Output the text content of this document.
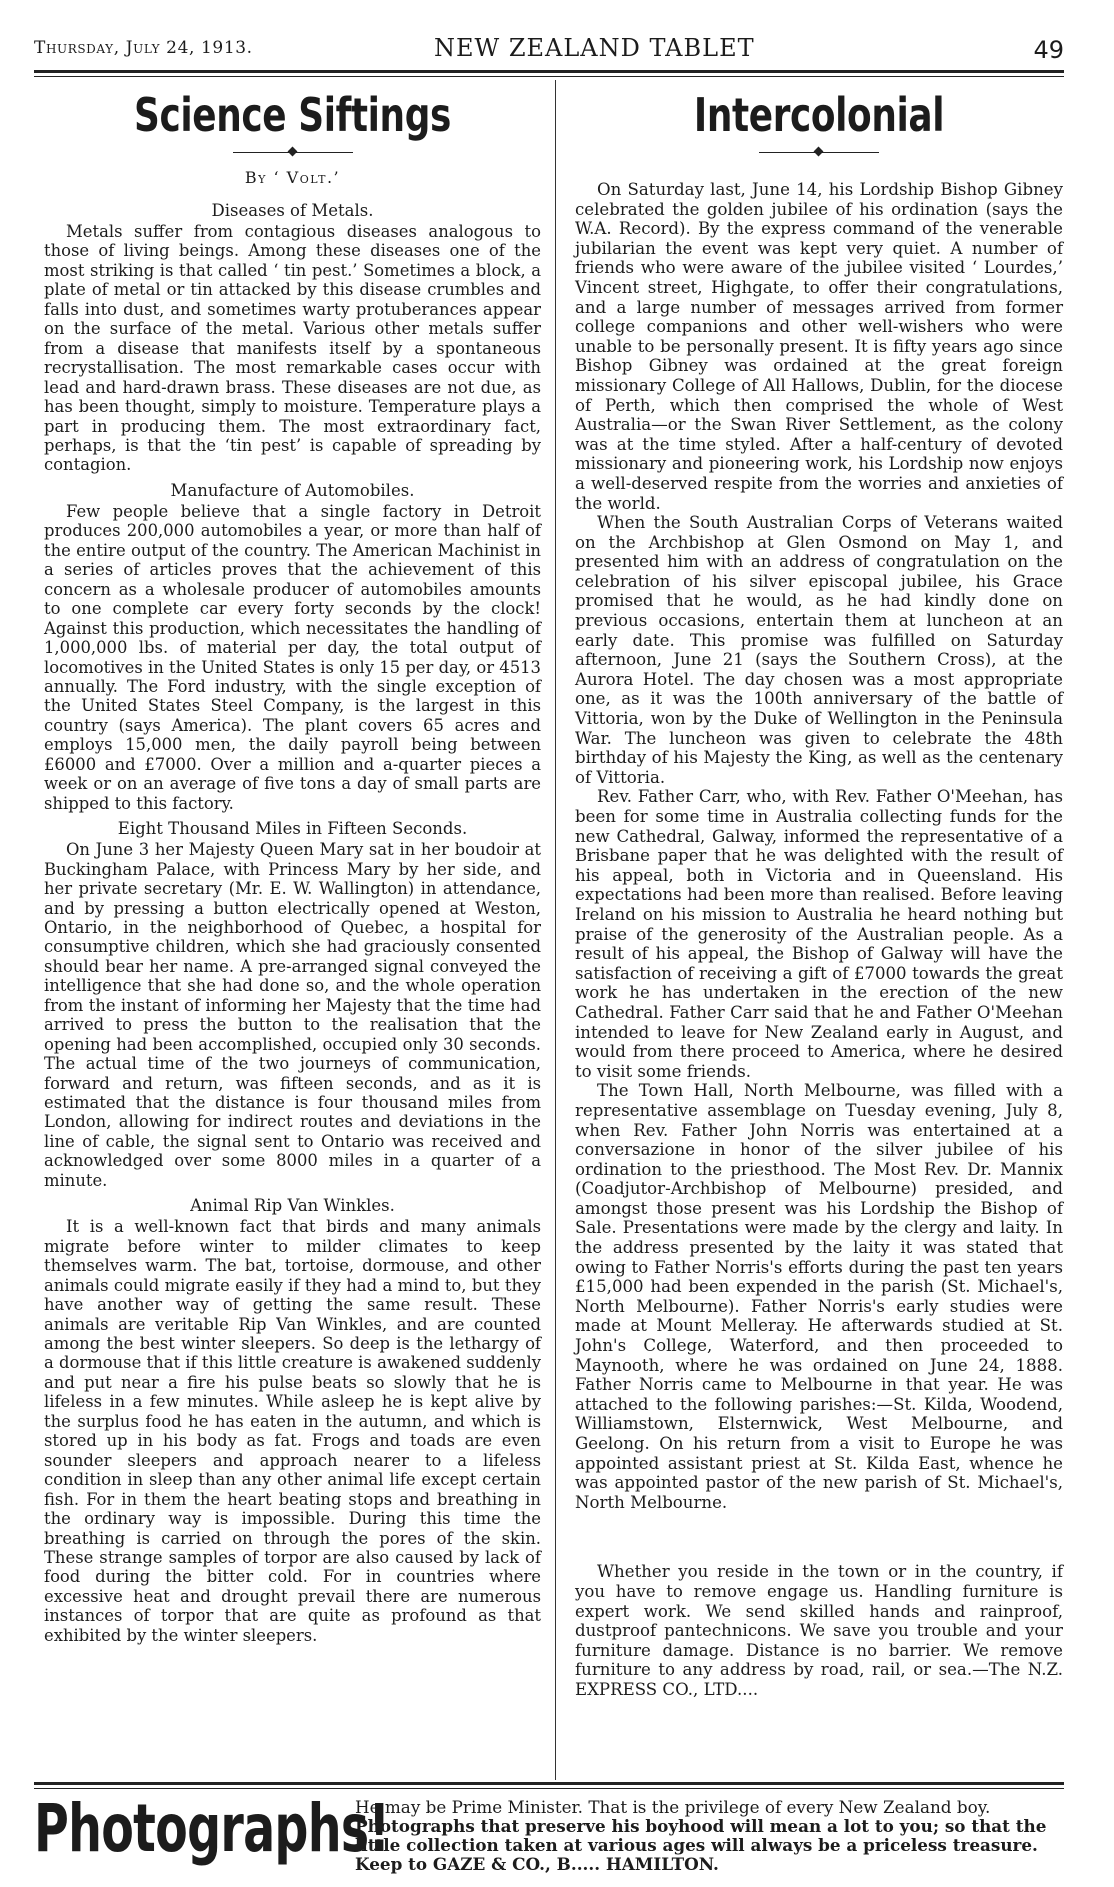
Thursday, July 24, 1913.	NEW ZEALAND TABLET	49
Science Siftings
By ‘ Volt.’
Diseases of Metals.

Metals suffer from contagious diseases analogous to those of living beings. Among these diseases one of the most striking is that called ‘ tin pest.’ Sometimes a block, a plate of metal or tin attacked by this disease crumbles and falls into dust, and sometimes warty protuberances appear on the surface of the metal. Various other metals suffer from a disease that manifests itself by a spontaneous recrystallisation. The most remarkable cases occur with lead and hard-drawn brass. These diseases are not due, as has been thought, simply to moisture. Temperature plays a part in producing them. The most extraordinary fact, perhaps, is that the ‘tin pest’ is capable of spreading by contagion.

Manufacture of Automobiles.

Few people believe that a single factory in Detroit produces 200,000 automobiles a year, or more than half of the entire output of the country. The American Machinist in a series of articles proves that the achievement of this concern as a wholesale producer of automobiles amounts to one complete car every forty seconds by the clock! Against this production, which necessitates the handling of 1,000,000 lbs. of material per day, the total output of locomotives in the United States is only 15 per day, or 4513 annually. The Ford industry, with the single exception of the United States Steel Company, is the largest in this country (says America). The plant covers 65 acres and employs 15,000 men, the daily payroll being between £6000 and £7000. Over a million and a-quarter pieces a week or on an average of five tons a day of small parts are shipped to this factory.

Eight Thousand Miles in Fifteen Seconds.

On June 3 her Majesty Queen Mary sat in her boudoir at Buckingham Palace, with Princess Mary by her side, and her private secretary (Mr. E. W. Wallington) in attendance, and by pressing a button electrically opened at Weston, Ontario, in the neighborhood of Quebec, a hospital for consumptive children, which she had graciously consented should bear her name. A pre-arranged signal conveyed the intelligence that she had done so, and the whole operation from the instant of informing her Majesty that the time had arrived to press the button to the realisation that the opening had been accomplished, occupied only 30 seconds. The actual time of the two journeys of communication, forward and return, was fifteen seconds, and as it is estimated that the distance is four thousand miles from London, allowing for indirect routes and deviations in the line of cable, the signal sent to Ontario was received and acknowledged over some 8000 miles in a quarter of a minute.

Animal Rip Van Winkles.

It is a well-known fact that birds and many animals migrate before winter to milder climates to keep themselves warm. The bat, tortoise, dormouse, and other animals could migrate easily if they had a mind to, but they have another way of getting the same result. These animals are veritable Rip Van Winkles, and are counted among the best winter sleepers. So deep is the lethargy of a dormouse that if this little creature is awakened suddenly and put near a fire his pulse beats so slowly that he is lifeless in a few minutes. While asleep he is kept alive by the surplus food he has eaten in the autumn, and which is stored up in his body as fat. Frogs and toads are even sounder sleepers and approach nearer to a lifeless condition in sleep than any other animal life except certain fish. For in them the heart beating stops and breathing in the ordinary way is impossible. During this time the breathing is carried on through the pores of the skin. These strange samples of torpor are also caused by lack of food during the bitter cold. For in countries where excessive heat and drought prevail there are numerous instances of torpor that are quite as profound as that exhibited by the winter sleepers.

Intercolonial

On Saturday last, June 14, his Lordship Bishop Gibney celebrated the golden jubilee of his ordination (says the W.A. Record). By the express command of the venerable jubilarian the event was kept very quiet. A number of friends who were aware of the jubilee visited ‘ Lourdes,’ Vincent street, Highgate, to offer their congratulations, and a large number of messages arrived from former college companions and other well-wishers who were unable to be personally present. It is fifty years ago since Bishop Gibney was ordained at the great foreign missionary College of All Hallows, Dublin, for the diocese of Perth, which then comprised the whole of West Australia—or the Swan River Settlement, as the colony was at the time styled. After a half-century of devoted missionary and pioneering work, his Lordship now enjoys a well-deserved respite from the worries and anxieties of the world.

When the South Australian Corps of Veterans waited on the Archbishop at Glen Osmond on May 1, and presented him with an address of congratulation on the celebration of his silver episcopal jubilee, his Grace promised that he would, as he had kindly done on previous occasions, entertain them at luncheon at an early date. This promise was fulfilled on Saturday afternoon, June 21 (says the Southern Cross), at the Aurora Hotel. The day chosen was a most appropriate one, as it was the 100th anniversary of the battle of Vittoria, won by the Duke of Wellington in the Peninsula War. The luncheon was given to celebrate the 48th birthday of his Majesty the King, as well as the centenary of Vittoria.

Rev. Father Carr, who, with Rev. Father O'Meehan, has been for some time in Australia collecting funds for the new Cathedral, Galway, informed the representative of a Brisbane paper that he was delighted with the result of his appeal, both in Victoria and in Queensland. His expectations had been more than realised. Before leaving Ireland on his mission to Australia he heard nothing but praise of the generosity of the Australian people. As a result of his appeal, the Bishop of Galway will have the satisfaction of receiving a gift of £7000 towards the great work he has undertaken in the erection of the new Cathedral. Father Carr said that he and Father O'Meehan intended to leave for New Zealand early in August, and would from there proceed to America, where he desired to visit some friends.

The Town Hall, North Melbourne, was filled with a representative assemblage on Tuesday evening, July 8, when Rev. Father John Norris was entertained at a conversazione in honor of the silver jubilee of his ordination to the priesthood. The Most Rev. Dr. Mannix (Coadjutor-Archbishop of Melbourne) presided, and amongst those present was his Lordship the Bishop of Sale. Presentations were made by the clergy and laity. In the address presented by the laity it was stated that owing to Father Norris's efforts during the past ten years £15,000 had been expended in the parish (St. Michael's, North Melbourne). Father Norris's early studies were made at Mount Melleray. He afterwards studied at St. John's College, Waterford, and then proceeded to Maynooth, where he was ordained on June 24, 1888. Father Norris came to Melbourne in that year. He was attached to the following parishes:—St. Kilda, Woodend, Williamstown, Elsternwick, West Melbourne, and Geelong. On his return from a visit to Europe he was appointed assistant priest at St. Kilda East, whence he was appointed pastor of the new parish of St. Michael's, North Melbourne.

Whether you reside in the town or in the country, if you have to remove engage us. Handling furniture is expert work. We send skilled hands and rainproof, dustproof pantechnicons. We save you trouble and your furniture damage. Distance is no barrier. We remove furniture to any address by road, rail, or sea.—The N.Z. EXPRESS CO., LTD....

Photographs!
He may be Prime Minister. That is the privilege of every New Zealand boy.
Photographs that preserve his boyhood will mean a lot to you; so that the
little collection taken at various ages will always be a priceless treasure.
Keep to GAZE & CO., B..... HAMILTON.
